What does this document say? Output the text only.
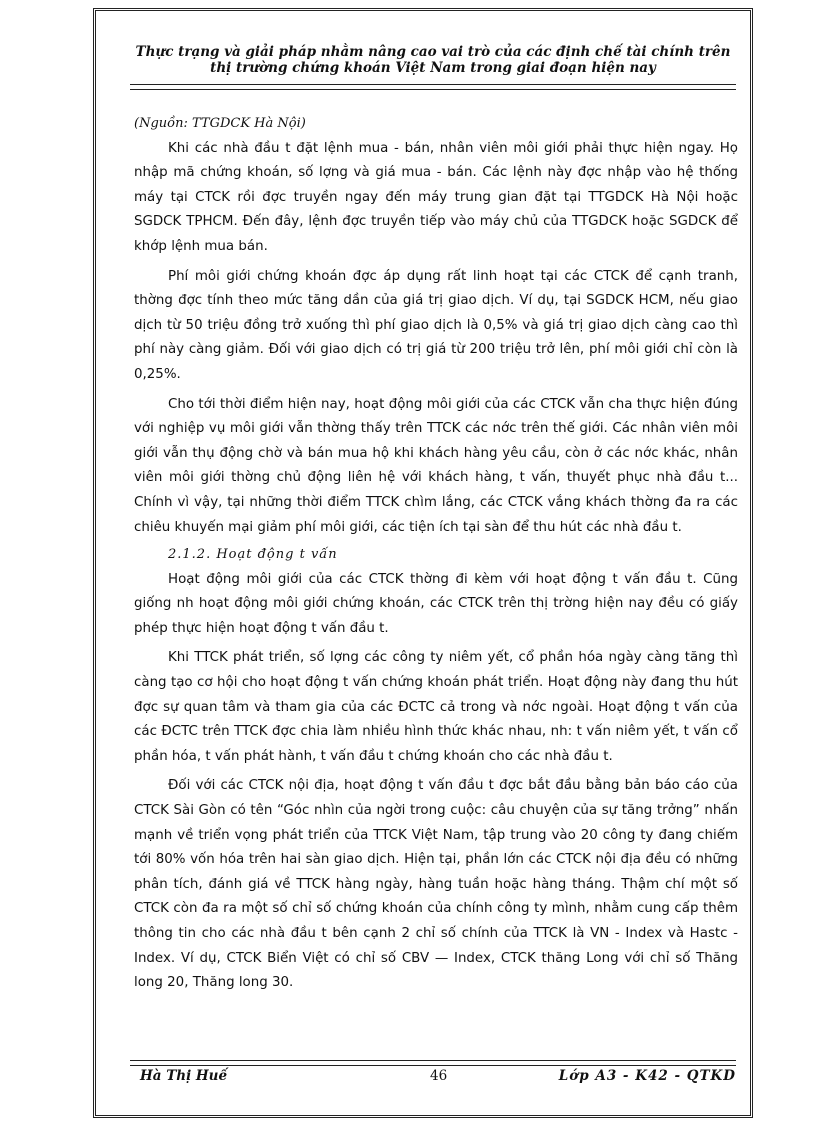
Thực trạng và giải pháp nhằm nâng cao vai trò của các định chế tài chính trên
thị trường chứng khoán Việt Nam trong giai đoạn hiện nay

(Nguồn: TTGDCK Hà Nội)

Khi các nhà đầu t đặt lệnh mua - bán, nhân viên môi giới phải thực hiện ngay. Họ nhập mã chứng khoán, số lợng và giá mua - bán. Các lệnh này đợc nhập vào hệ thống máy tại CTCK rồi đợc truyền ngay đến máy trung gian đặt tại TTGDCK Hà Nội hoặc SGDCK TPHCM. Đến đây, lệnh đợc truyền tiếp vào máy chủ của TTGDCK hoặc SGDCK để khớp lệnh mua bán.

Phí môi giới chứng khoán đợc áp dụng rất linh hoạt tại các CTCK để cạnh tranh, thờng đợc tính theo mức tăng dần của giá trị giao dịch. Ví dụ, tại SGDCK HCM, nếu giao dịch từ 50 triệu đồng trở xuống thì phí giao dịch là 0,5% và giá trị giao dịch càng cao thì phí này càng giảm. Đối với giao dịch có trị giá từ 200 triệu trở lên, phí môi giới chỉ còn là 0,25%.

Cho tới thời điểm hiện nay, hoạt động môi giới của các CTCK vẫn cha thực hiện đúng với nghiệp vụ môi giới vẫn thờng thấy trên TTCK các nớc trên thế giới. Các nhân viên môi giới vẫn thụ động chờ và bán mua hộ khi khách hàng yêu cầu, còn ở các nớc khác, nhân viên môi giới thờng chủ động liên hệ với khách hàng, t vấn, thuyết phục nhà đầu t... Chính vì vậy, tại những thời điểm TTCK chìm lắng, các CTCK vắng khách thờng đa ra các chiêu khuyến mại giảm phí môi giới, các tiện ích tại sàn để thu hút các nhà đầu t.

2.1.2. Hoạt động t vấn

Hoạt động môi giới của các CTCK thờng đi kèm với hoạt động t vấn đầu t. Cũng giống nh hoạt động môi giới chứng khoán, các CTCK trên thị trờng hiện nay đều có giấy phép thực hiện hoạt động t vấn đầu t.

Khi TTCK phát triển, số lợng các công ty niêm yết, cổ phần hóa ngày càng tăng thì càng tạo cơ hội cho hoạt động t vấn chứng khoán phát triển. Hoạt động này đang thu hút đợc sự quan tâm và tham gia của các ĐCTC cả trong và nớc ngoài. Hoạt động t vấn của các ĐCTC trên TTCK đợc chia làm nhiều hình thức khác nhau, nh: t vấn niêm yết, t vấn cổ phần hóa, t vấn phát hành, t vấn đầu t chứng khoán cho các nhà đầu t.

Đối với các CTCK nội địa, hoạt động t vấn đầu t đợc bắt đầu bằng bản báo cáo của CTCK Sài Gòn có tên “Góc nhìn của ngời trong cuộc: câu chuyện của sự tăng trởng” nhấn mạnh về triển vọng phát triển của TTCK Việt Nam, tập trung vào 20 công ty đang chiếm tới 80% vốn hóa trên hai sàn giao dịch. Hiện tại, phần lớn các CTCK nội địa đều có những phân tích, đánh giá về TTCK hàng ngày, hàng tuần hoặc hàng tháng. Thậm chí một số CTCK còn đa ra một số chỉ số chứng khoán của chính công ty mình, nhằm cung cấp thêm thông tin cho các nhà đầu t bên cạnh 2 chỉ số chính của TTCK là VN - Index và Hastc - Index. Ví dụ, CTCK Biển Việt có chỉ số CBV — Index, CTCK thăng Long với chỉ số Thăng long 20, Thăng long 30.

Hà Thị Huế	46	Lớp A3 - K42 - QTKD
